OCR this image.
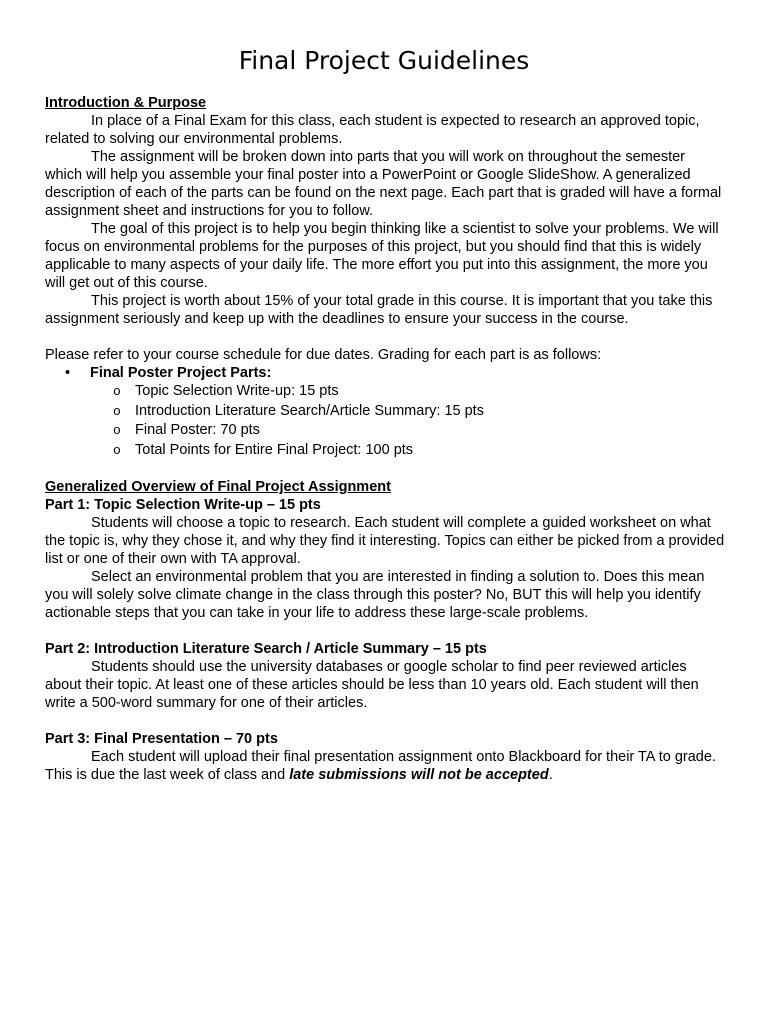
Final Project Guidelines

Introduction & Purpose

In place of a Final Exam for this class, each student is expected to research an approved topic, related to solving our environmental problems.

The assignment will be broken down into parts that you will work on throughout the semester which will help you assemble your final poster into a PowerPoint or Google SlideShow. A generalized description of each of the parts can be found on the next page. Each part that is graded will have a formal assignment sheet and instructions for you to follow.

The goal of this project is to help you begin thinking like a scientist to solve your problems. We will focus on environmental problems for the purposes of this project, but you should find that this is widely applicable to many aspects of your daily life. The more effort you put into this assignment, the more you will get out of this course.

This project is worth about 15% of your total grade in this course. It is important that you take this assignment seriously and keep up with the deadlines to ensure your success in the course.

Please refer to your course schedule for due dates. Grading for each part is as follows:

• Final Poster Project Parts:
o Topic Selection Write-up: 15 pts
o Introduction Literature Search/Article Summary: 15 pts
o Final Poster: 70 pts
o Total Points for Entire Final Project: 100 pts

Generalized Overview of Final Project Assignment

Part 1: Topic Selection Write-up – 15 pts

Students will choose a topic to research. Each student will complete a guided worksheet on what the topic is, why they chose it, and why they find it interesting. Topics can either be picked from a provided list or one of their own with TA approval.

Select an environmental problem that you are interested in finding a solution to. Does this mean you will solely solve climate change in the class through this poster? No, BUT this will help you identify actionable steps that you can take in your life to address these large-scale problems.

Part 2: Introduction Literature Search / Article Summary – 15 pts

Students should use the university databases or google scholar to find peer reviewed articles about their topic. At least one of these articles should be less than 10 years old. Each student will then write a 500-word summary for one of their articles.

Part 3: Final Presentation – 70 pts

Each student will upload their final presentation assignment onto Blackboard for their TA to grade. This is due the last week of class and late submissions will not be accepted.
